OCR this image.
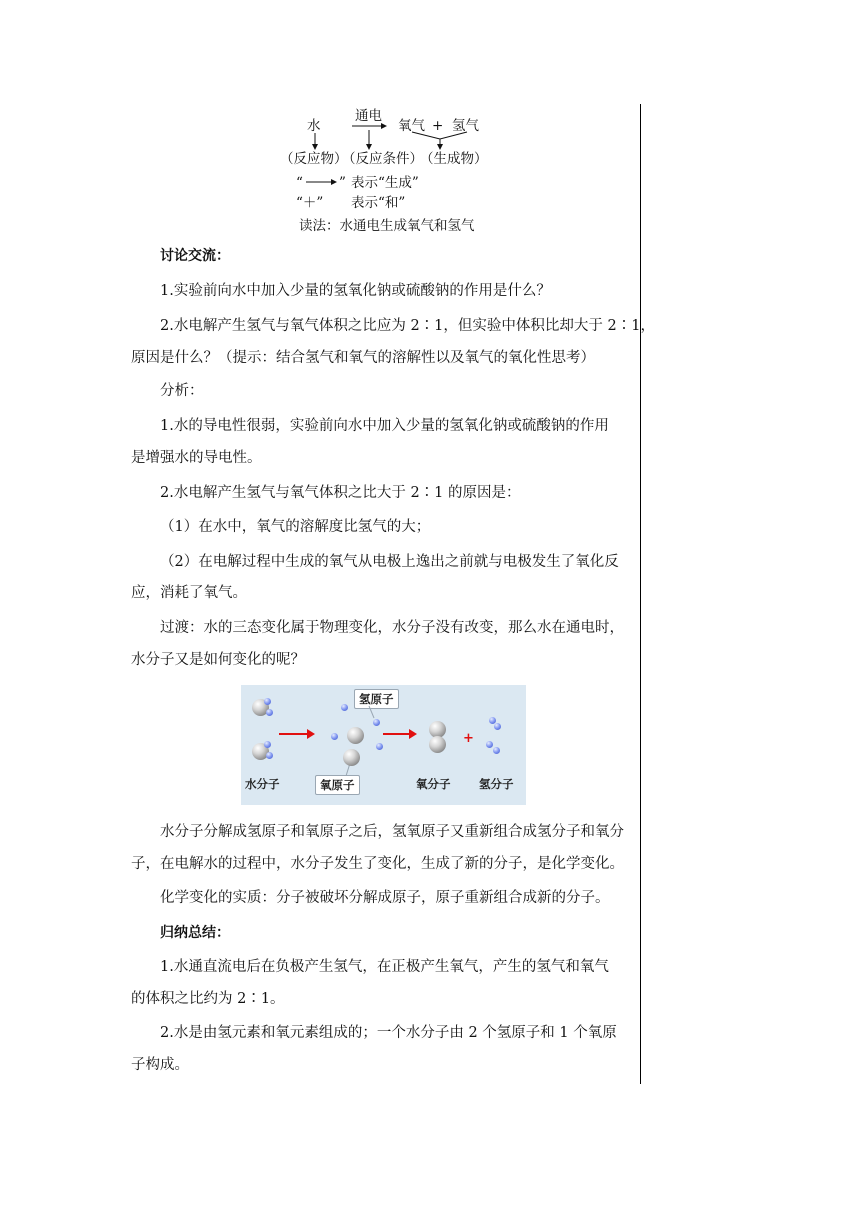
水
通电
氧气 + 氢气
（反应物）
（反应条件）
（生成物）
“	” 表示“生成”
“＋” 表示“和”
读法：水通电生成氧气和氢气
讨论交流：
1.实验前向水中加入少量的氢氧化钠或硫酸钠的作用是什么？
2.水电解产生氢气与氧气体积之比应为 2∶1，但实验中体积比却大于 2∶1，
原因是什么？（提示：结合氢气和氧气的溶解性以及氧气的氧化性思考）
分析：
1.水的导电性很弱，实验前向水中加入少量的氢氧化钠或硫酸钠的作用
是增强水的导电性。
2.水电解产生氢气与氧气体积之比大于 2∶1 的原因是：
（1）在水中，氧气的溶解度比氢气的大；
（2）在电解过程中生成的氧气从电极上逸出之前就与电极发生了氧化反
应，消耗了氧气。
过渡：水的三态变化属于物理变化，水分子没有改变，那么水在通电时，
水分子又是如何变化的呢？
水分子
氢原子
氧原子	氧分子
+
氢分子
水分子分解成氢原子和氧原子之后，氢氧原子又重新组合成氢分子和氧分
子，在电解水的过程中，水分子发生了变化，生成了新的分子，是化学变化。
化学变化的实质：分子被破坏分解成原子，原子重新组合成新的分子。
归纳总结：
1.水通直流电后在负极产生氢气，在正极产生氧气，产生的氢气和氧气
的体积之比约为 2∶1。
2.水是由氢元素和氧元素组成的；一个水分子由 2 个氢原子和 1 个氧原
子构成。
